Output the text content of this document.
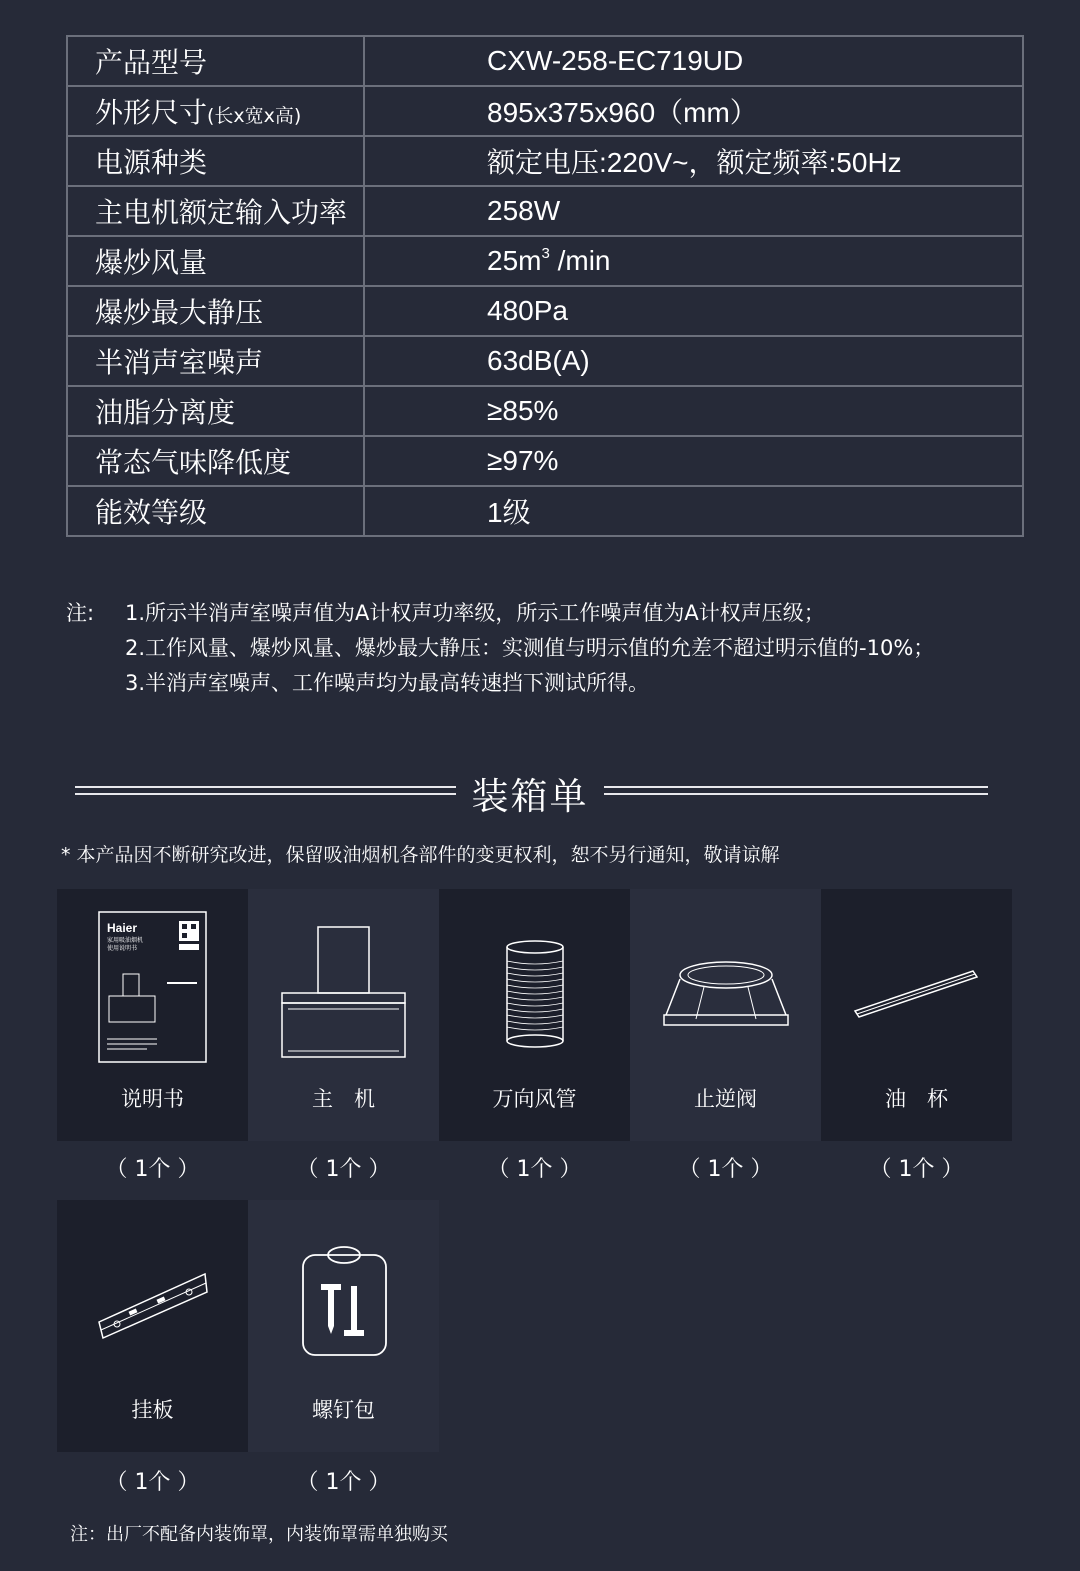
产品型号	CXW-258-EC719UD
外形尺寸(长x宽x高)	895x375x960（mm）
电源种类	额定电压:220V~，额定频率:50Hz
主电机额定输入功率	258W
爆炒风量	$25m^3$ /min
爆炒最大静压	480Pa
半消声室噪声	63dB(A)
油脂分离度	≥85%
常态气味降低度	≥97%
能效等级	1级
注: 1.所示半消声室噪声值为A计权声功率级，所示工作噪声值为A计权声压级；
2.工作风量、爆炒风量、爆炒最大静压：实测值与明示值的允差不超过明示值的-10%；
3.半消声室噪声、工作噪声均为最高转速挡下测试所得。
装箱单
* 本产品因不断研究改进，保留吸油烟机各部件的变更权利，恕不另行通知，敬请谅解
Haier
家用吸油烟机
使用说明书
说明书
（ 1个 ）
主　机
（ 1个 ）
万向风管
（ 1个 ）
止逆阀
（ 1个 ）
油　杯
（ 1个 ）
挂板
（ 1个 ）
螺钉包
（ 1个 ）
注：出厂不配备内装饰罩，内装饰罩需单独购买
